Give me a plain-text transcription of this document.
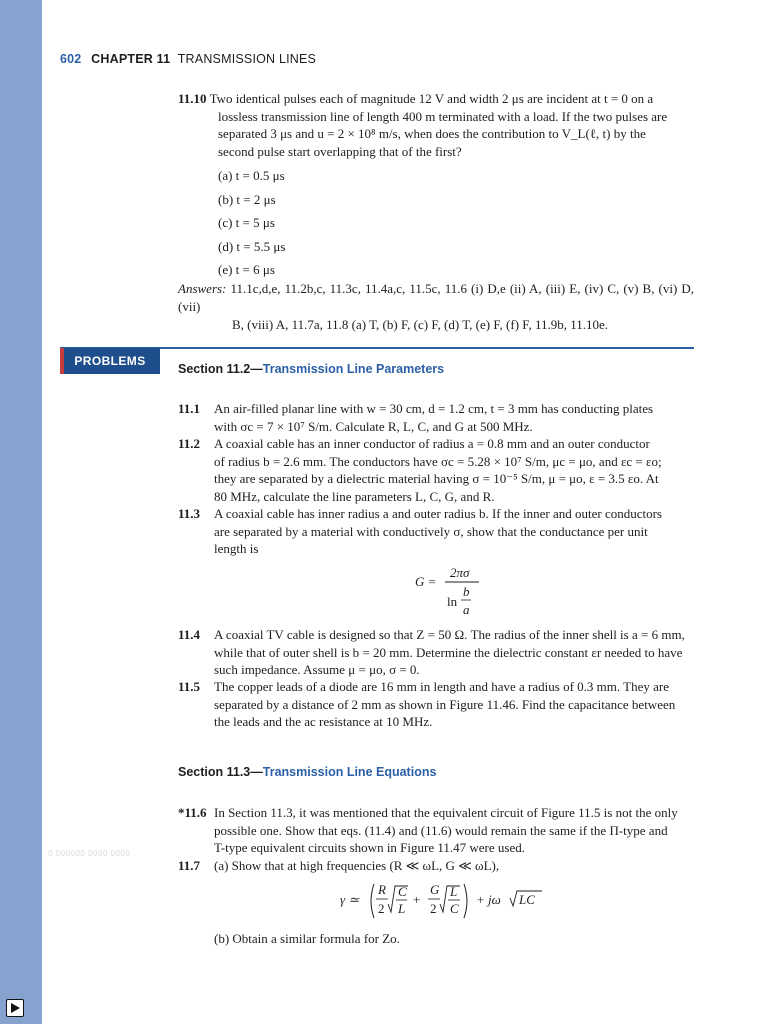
602 CHAPTER 11 TRANSMISSION LINES
11.10 Two identical pulses each of magnitude 12 V and width 2 μs are incident at t = 0 on a
lossless transmission line of length 400 m terminated with a load. If the two pulses are
separated 3 μs and u = 2 × 10⁸ m/s, when does the contribution to V_L(ℓ, t) by the
second pulse start overlapping that of the first?
(a) t = 0.5 μs
(b) t = 2 μs
(c) t = 5 μs
(d) t = 5.5 μs
(e) t = 6 μs
Answers: 11.1c,d,e, 11.2b,c, 11.3c, 11.4a,c, 11.5c, 11.6 (i) D,e (ii) A, (iii) E, (iv) C, (v) B, (vi) D, (vii)
B, (viii) A, 11.7a, 11.8 (a) T, (b) F, (c) F, (d) T, (e) F, (f) F, 11.9b, 11.10e.
PROBLEMS
Section 11.2—Transmission Line Parameters
11.1 An air-filled planar line with w = 30 cm, d = 1.2 cm, t = 3 mm has conducting plates
with σc = 7 × 10⁷ S/m. Calculate R, L, C, and G at 500 MHz.
11.2 A coaxial cable has an inner conductor of radius a = 0.8 mm and an outer conductor
of radius b = 2.6 mm. The conductors have σc = 5.28 × 10⁷ S/m, μc = μo, and εc = εo;
they are separated by a dielectric material having σ = 10⁻⁵ S/m, μ = μo, ε = 3.5 εo. At
80 MHz, calculate the line parameters L, C, G, and R.
11.3 A coaxial cable has inner radius a and outer radius b. If the inner and outer conductors
are separated by a material with conductively σ, show that the conductance per unit
length is
G =
2πσ
b
ln
a
11.4 A coaxial TV cable is designed so that Z = 50 Ω. The radius of the inner shell is a = 6 mm,
while that of outer shell is b = 20 mm. Determine the dielectric constant εr needed to have
such impedance. Assume μ = μo, σ = 0.
11.5 The copper leads of a diode are 16 mm in length and have a radius of 0.3 mm. They are
separated by a distance of 2 mm as shown in Figure 11.46. Find the capacitance between
the leads and the ac resistance at 10 MHz.
Section 11.3—Transmission Line Equations
*11.6 In Section 11.3, it was mentioned that the equivalent circuit of Figure 11.5 is not the only
possible one. Show that eqs. (11.4) and (11.6) would remain the same if the Π-type and
T-type equivalent circuits shown in Figure 11.47 were used.
0 000000 0000 0000
11.7 (a) Show that at high frequencies (R ≪ ωL, G ≪ ωL),
γ ≃
R
2
C
L
+
G
2
L
C
+ jω LC
(b) Obtain a similar formula for Zo.
